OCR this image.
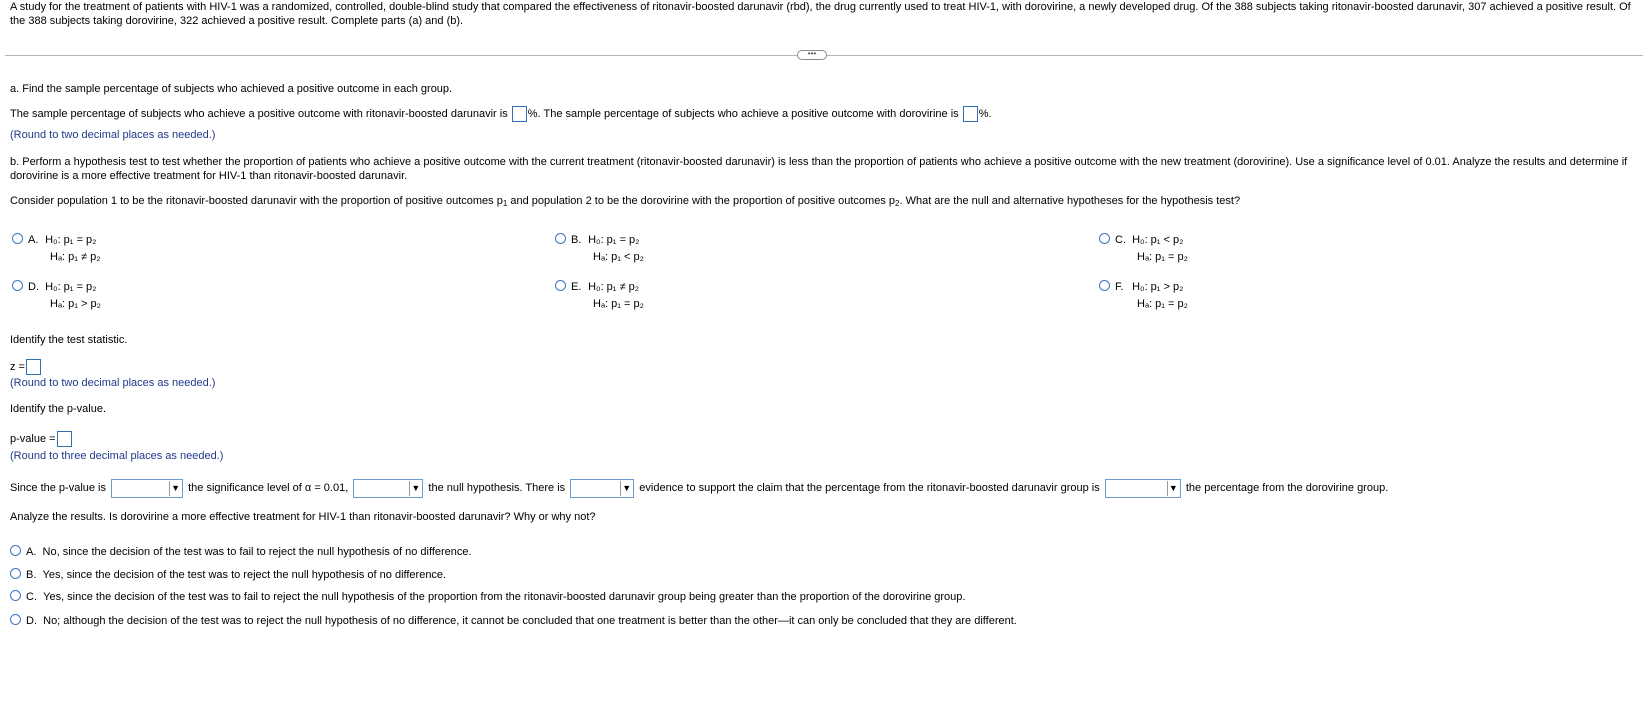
A study for the treatment of patients with HIV-1 was a randomized, controlled, double-blind study that compared the effectiveness of ritonavir-boosted darunavir (rbd), the drug currently used to treat HIV-1, with dorovirine, a newly developed drug. Of the 388 subjects taking ritonavir-boosted darunavir, 307 achieved a positive result. Of the 388 subjects taking dorovirine, 322 achieved a positive result. Complete parts (a) and (b).
•••
a. Find the sample percentage of subjects who achieved a positive outcome in each group.
The sample percentage of subjects who achieve a positive outcome with ritonavir-boosted darunavir is %. The sample percentage of subjects who achieve a positive outcome with dorovirine is %.
(Round to two decimal places as needed.)
b. Perform a hypothesis test to test whether the proportion of patients who achieve a positive outcome with the current treatment (ritonavir-boosted darunavir) is less than the proportion of patients who achieve a positive outcome with the new treatment (dorovirine). Use a significance level of 0.01. Analyze the results and determine if dorovirine is a more effective treatment for HIV-1 than ritonavir-boosted darunavir.
Consider population 1 to be the ritonavir-boosted darunavir with the proportion of positive outcomes $p_1$ and population 2 to be the dorovirine with the proportion of positive outcomes $p_2$. What are the null and alternative hypotheses for the hypothesis test?
A. H₀: p₁ = p₂
Hₐ: p₁ ≠ p₂
B. H₀: p₁ = p₂
Hₐ: p₁ < p₂
C. H₀: p₁ < p₂
Hₐ: p₁ = p₂
D. H₀: p₁ = p₂
Hₐ: p₁ > p₂
E. H₀: p₁ ≠ p₂
Hₐ: p₁ = p₂
F. H₀: p₁ > p₂
Hₐ: p₁ = p₂
Identify the test statistic.
z =
(Round to two decimal places as needed.)
Identify the p-value.
p-value =
(Round to three decimal places as needed.)
Since the p-value is	▼ the significance level of α = 0.01,	▼ the null hypothesis. There is	▼ evidence to support the claim that the percentage from the ritonavir-boosted darunavir group is	▼ the percentage from the dorovirine group.
Analyze the results. Is dorovirine a more effective treatment for HIV-1 than ritonavir-boosted darunavir? Why or why not?
A. No, since the decision of the test was to fail to reject the null hypothesis of no difference.
B. Yes, since the decision of the test was to reject the null hypothesis of no difference.
C. Yes, since the decision of the test was to fail to reject the null hypothesis of the proportion from the ritonavir-boosted darunavir group being greater than the proportion of the dorovirine group.
D. No; although the decision of the test was to reject the null hypothesis of no difference, it cannot be concluded that one treatment is better than the other—it can only be concluded that they are different.
